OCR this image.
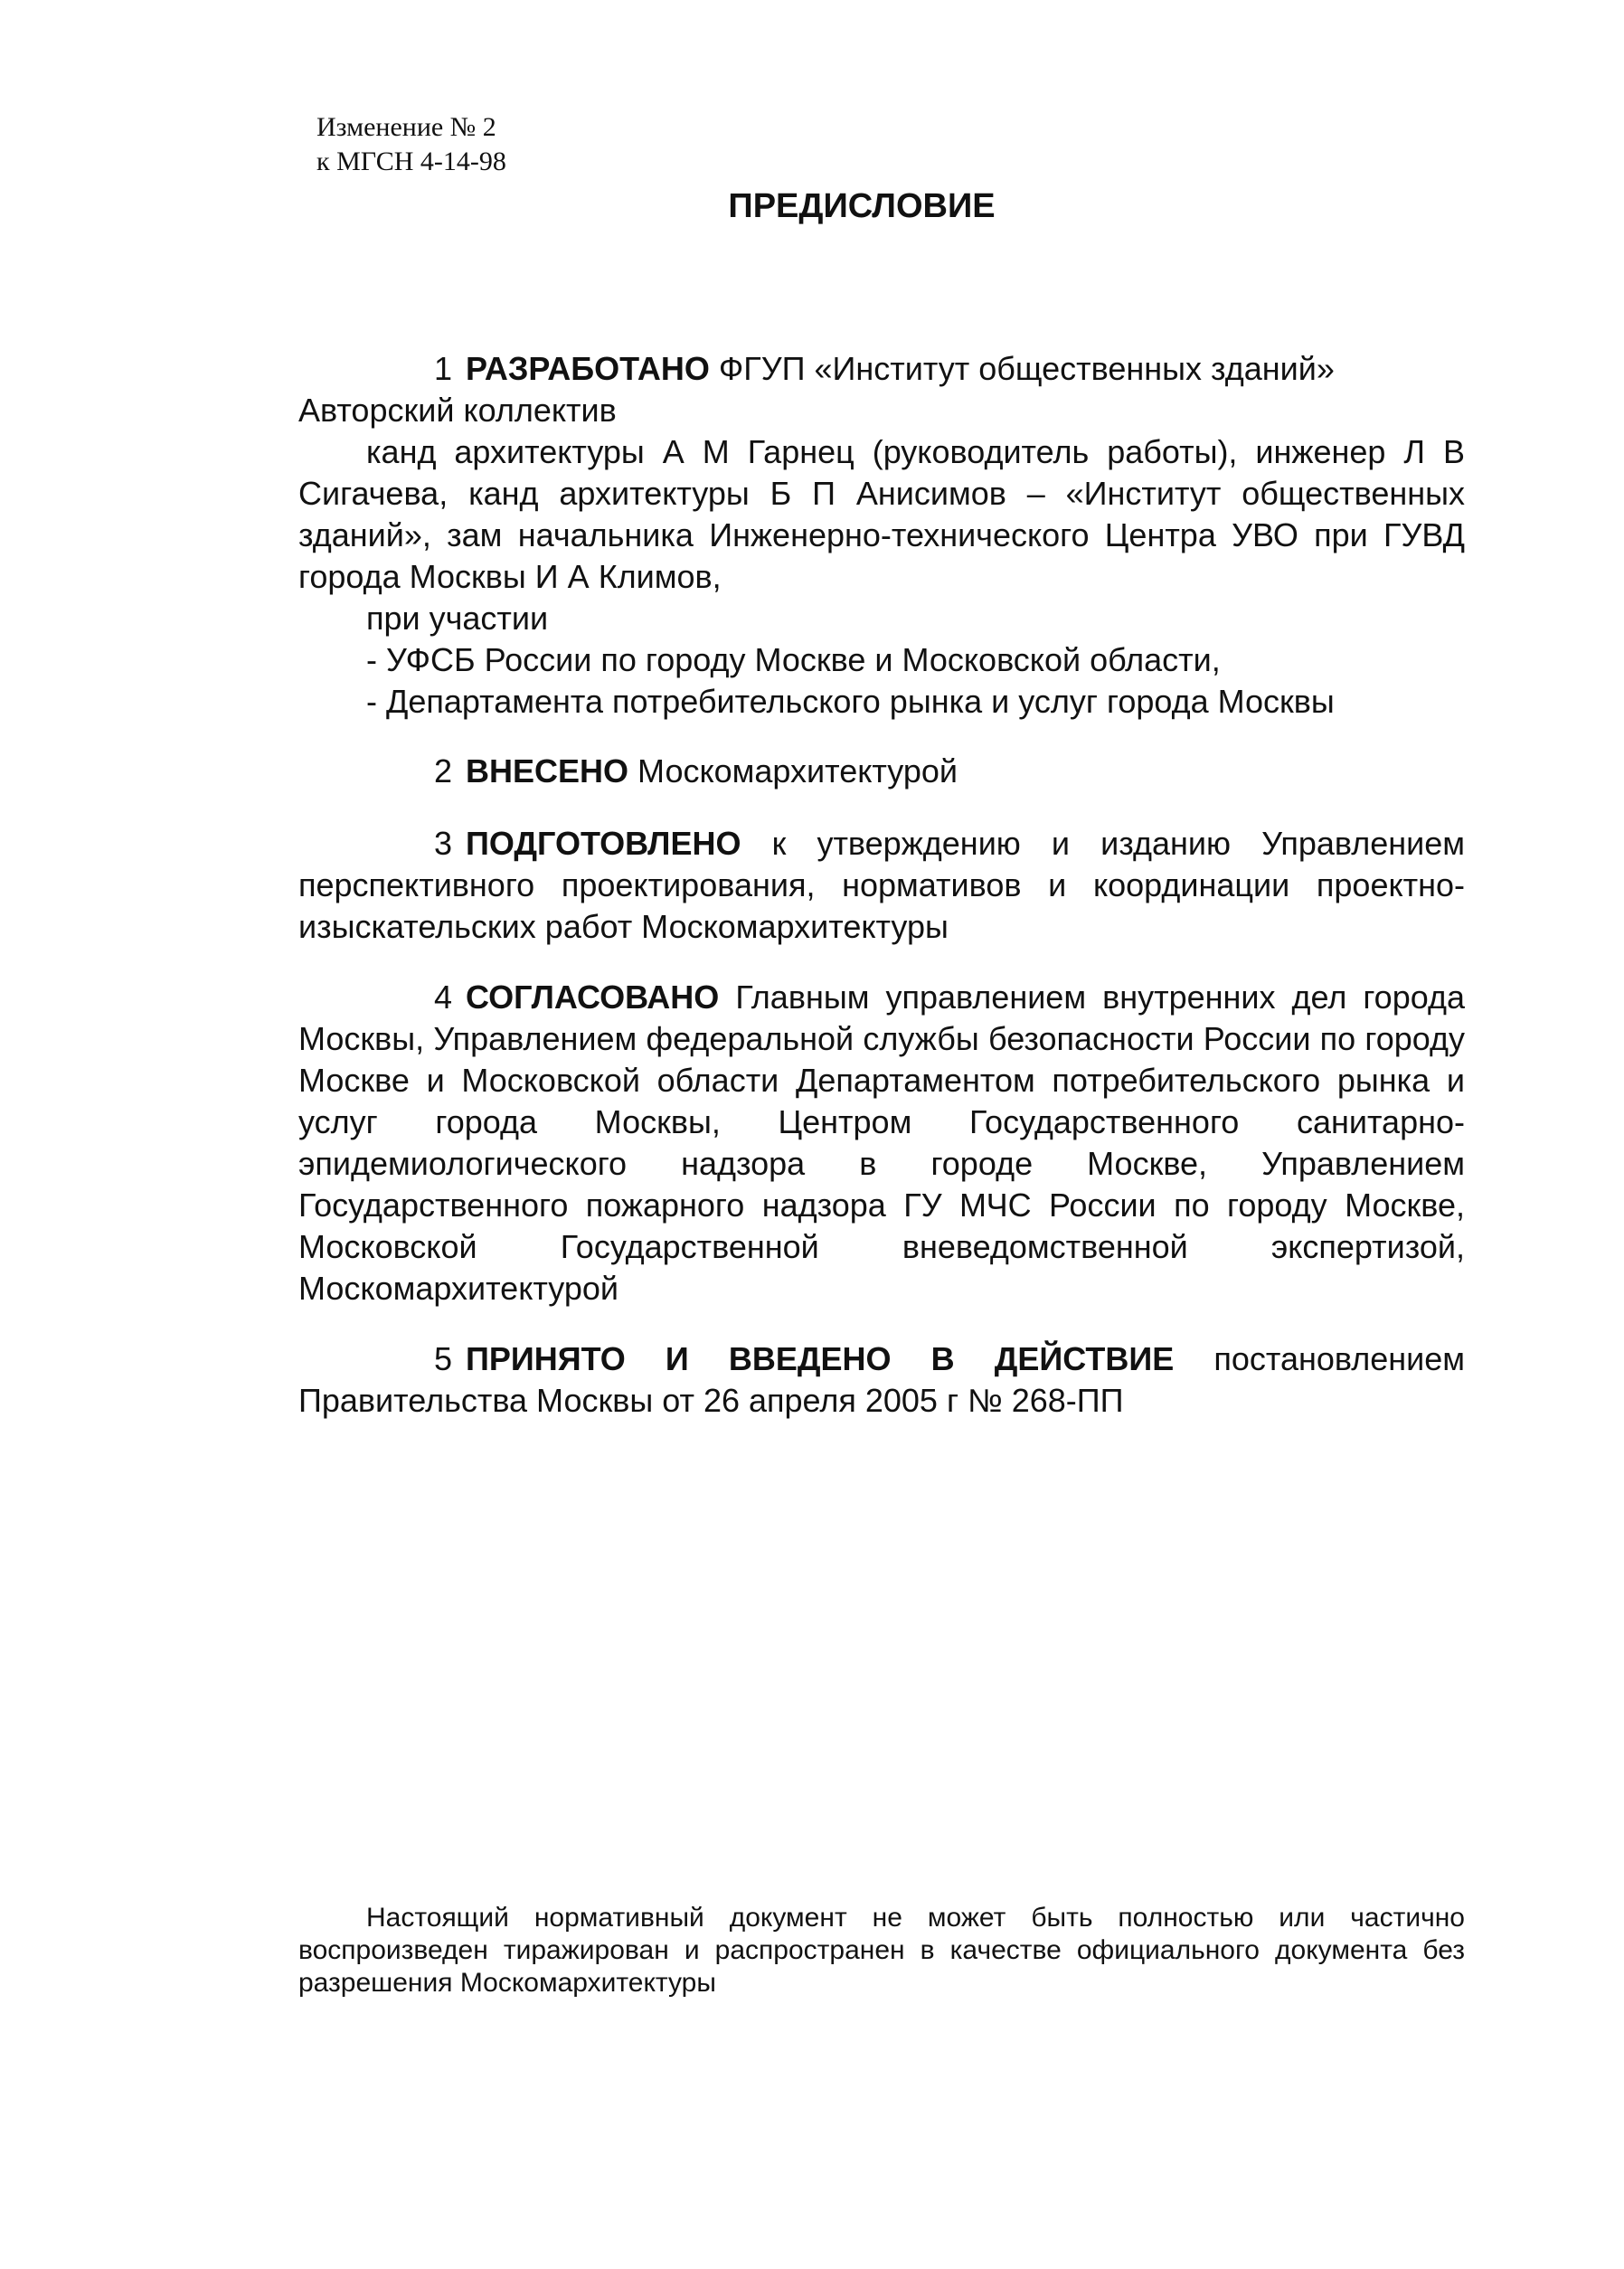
Изменение № 2
к МГСН 4-14-98
ПРЕДИСЛОВИЕ

1 РАЗРАБОТАНО ФГУП «Институт общественных зданий»

Авторский коллектив

канд архитектуры А М Гарнец (руководитель работы), инженер Л В Сигачева, канд архитектуры Б П Анисимов – «Институт общественных зданий», зам начальника Инженерно-технического Центра УВО при ГУВД города Москвы И А Климов,

при участии

- УФСБ России по городу Москве и Московской области,

- Департамента потребительского рынка и услуг города Москвы

2 ВНЕСЕНО Москомархитектурой

3 ПОДГОТОВЛЕНО к утверждению и изданию Управлением перспективного проектирования, нормативов и координации проектно-изыскательских работ Москомархитектуры

4 СОГЛАСОВАНО Главным управлением внутренних дел города Москвы, Управлением федеральной службы безопасности России по городу Москве и Московской области Департаментом потребительского рынка и услуг города Москвы, Центром Государственного санитарно-эпидемиологического надзора в городе Москве, Управлением Государственного пожарного надзора ГУ МЧС России по городу Москве, Московской Государственной вневедомственной экспертизой, Москомархитектурой

5 ПРИНЯТО И ВВЕДЕНО В ДЕЙСТВИЕ постановлением Правительства Москвы от 26 апреля 2005 г № 268-ПП

Настоящий нормативный документ не может быть полностью или частично воспроизведен тиражирован и распространен в качестве официального документа без разрешения Москомархитектуры
